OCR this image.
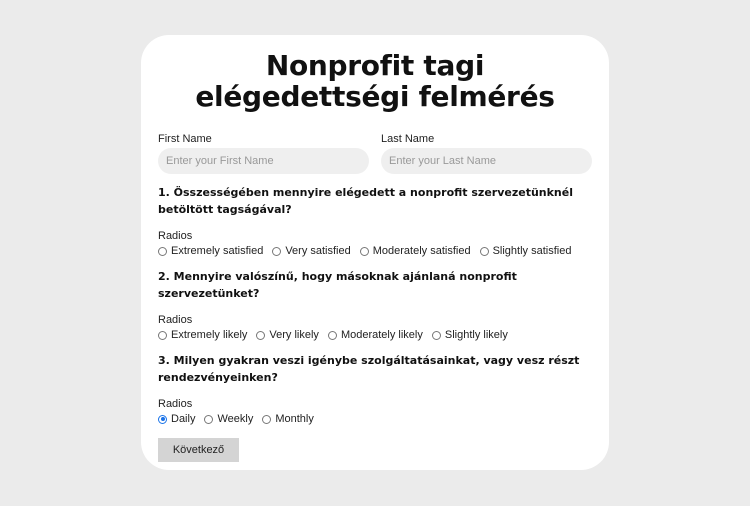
Nonprofit tagi elégedettségi felmérés
First Name
Enter your First Name	Last Name
Enter your Last Name

1. Összességében mennyire elégedett a nonprofit szervezetünknél betöltött tagságával?

Radios
Extremely satisfied Very satisfied Moderately satisfied Slightly satisfied

2. Mennyire valószínű, hogy másoknak ajánlaná nonprofit szervezetünket?

Radios
Extremely likely Very likely Moderately likely Slightly likely

3. Milyen gyakran veszi igénybe szolgáltatásainkat, vagy vesz részt rendezvényeinken?

Radios
Daily Weekly Monthly
Következő
